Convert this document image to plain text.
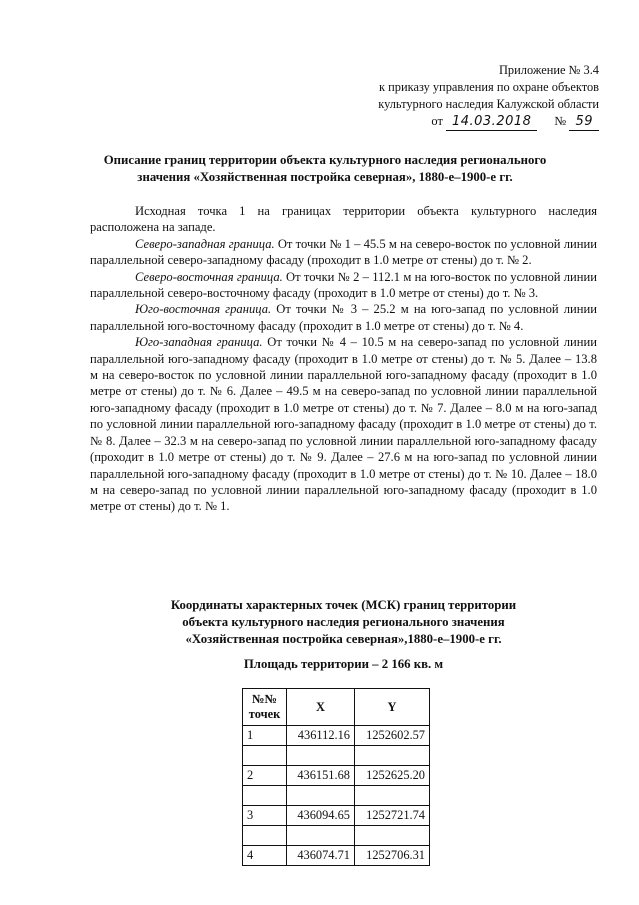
Приложение № 3.4
к приказу управления по охране объектов
культурного наследия Калужской области
от 14.03.2018 № 59
Описание границ территории объекта культурного наследия регионального
значения «Хозяйственная постройка северная», 1880-е–1900-е гг.

Исходная точка 1 на границах территории объекта культурного наследия расположена на западе.

Северо-западная граница. От точки № 1 – 45.5 м на северо-восток по условной линии параллельной северо-западному фасаду (проходит в 1.0 метре от стены) до т. № 2.

Северо-восточная граница. От точки № 2 – 112.1 м на юго-восток по условной линии параллельной северо-восточному фасаду (проходит в 1.0 метре от стены) до т. № 3.

Юго-восточная граница. От точки № 3 – 25.2 м на юго-запад по условной линии параллельной юго-восточному фасаду (проходит в 1.0 метре от стены) до т. № 4.

Юго-западная граница. От точки № 4 – 10.5 м на северо-запад по условной линии параллельной юго-западному фасаду (проходит в 1.0 метре от стены) до т. № 5. Далее – 13.8 м на северо-восток по условной линии параллельной юго-западному фасаду (проходит в 1.0 метре от стены) до т. № 6. Далее – 49.5 м на северо-запад по условной линии параллельной юго-западному фасаду (проходит в 1.0 метре от стены) до т. № 7. Далее – 8.0 м на юго-запад по условной линии параллельной юго-западному фасаду (проходит в 1.0 метре от стены) до т. № 8. Далее – 32.3 м на северо-запад по условной линии параллельной юго-западному фасаду (проходит в 1.0 метре от стены) до т. № 9. Далее – 27.6 м на юго-запад по условной линии параллельной юго-западному фасаду (проходит в 1.0 метре от стены) до т. № 10. Далее – 18.0 м на северо-запад по условной линии параллельной юго-западному фасаду (проходит в 1.0 метре от стены) до т. № 1.

Координаты характерных точек (МСК) границ территории
объекта культурного наследия регионального значения
«Хозяйственная постройка северная»,1880-е–1900-е гг.
Площадь территории – 2 166 кв. м
№№
точек	X	Y
1	436112.16	1252602.57

2	436151.68	1252625.20

3	436094.65	1252721.74

4	436074.71	1252706.31
